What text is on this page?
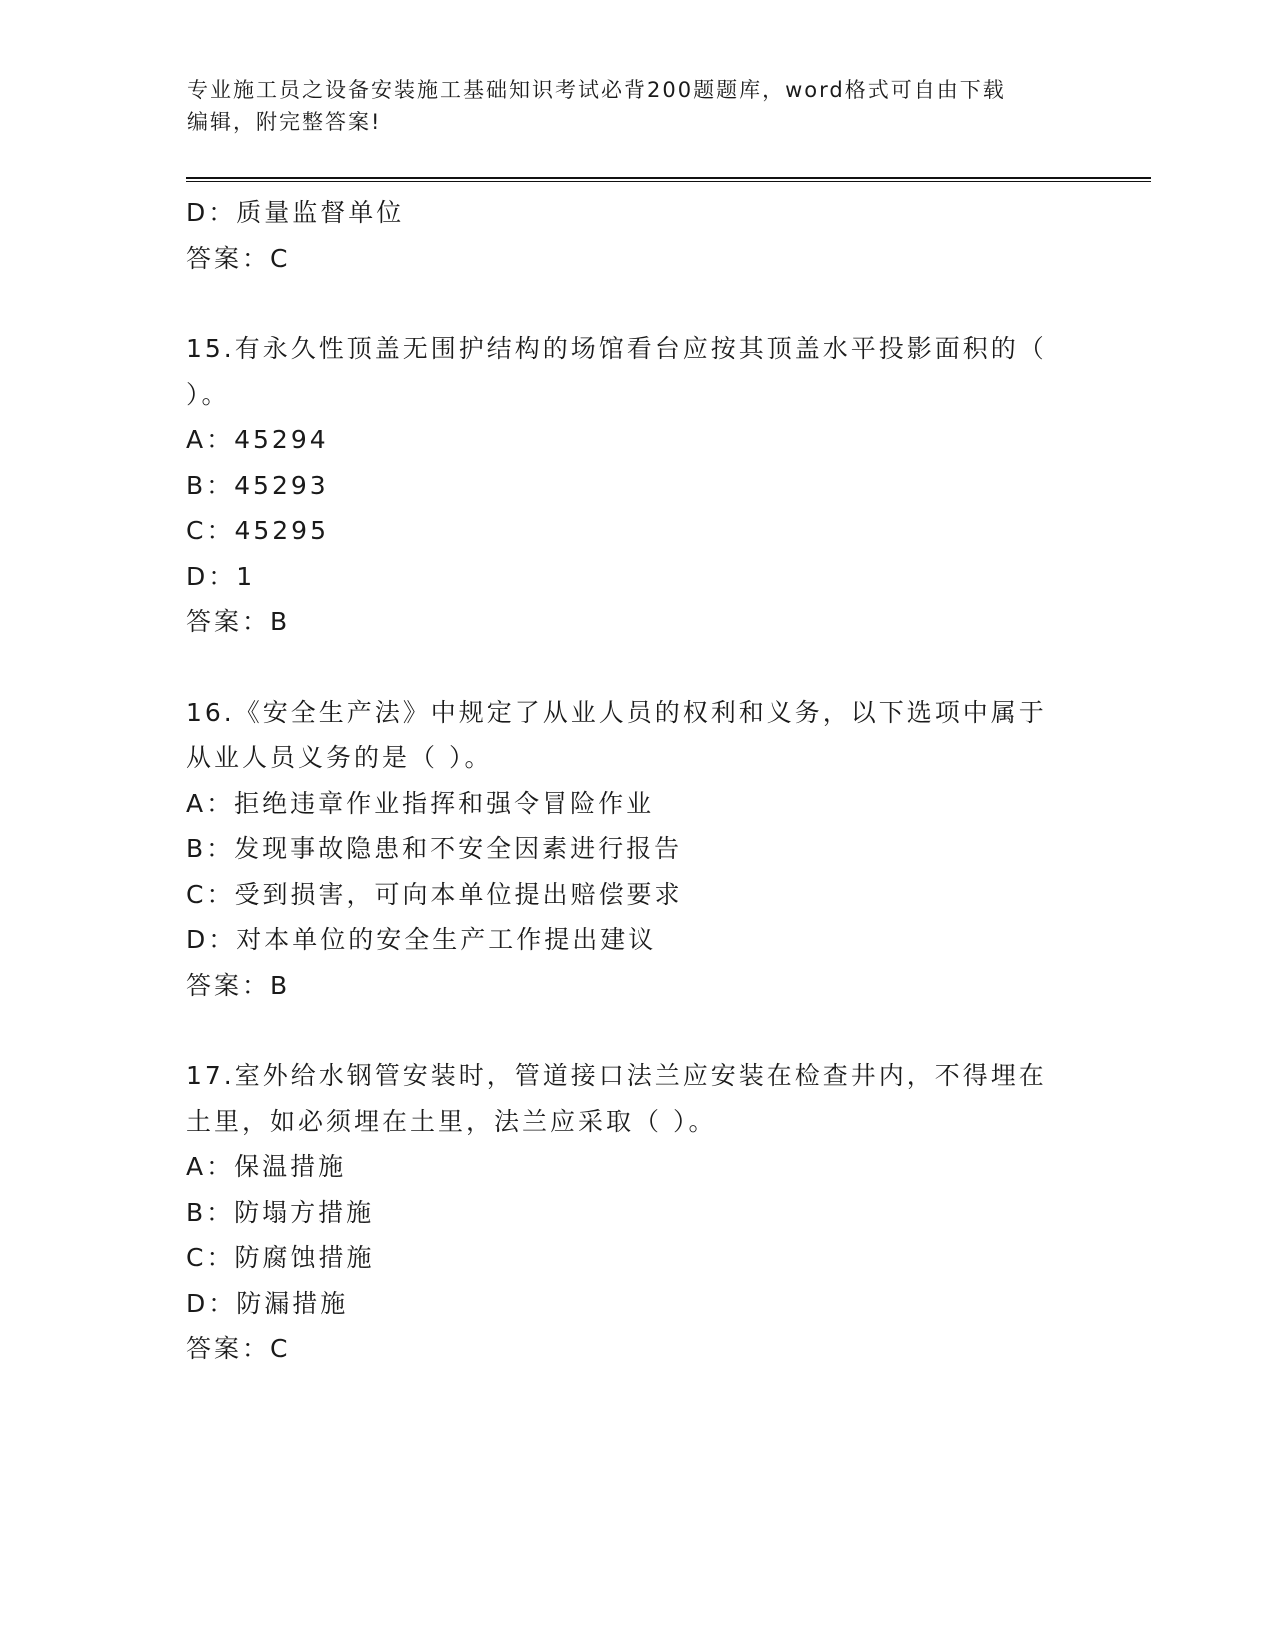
专业施工员之设备安装施工基础知识考试必背200题题库，word格式可自由下载
编辑，附完整答案!
D：质量监督单位
答案：C
15.有永久性顶盖无围护结构的场馆看台应按其顶盖水平投影面积的（
）。
A：45294
B：45293
C：45295
D：1
答案：B
16.《安全生产法》中规定了从业人员的权利和义务，以下选项中属于
从业人员义务的是（ ）。
A：拒绝违章作业指挥和强令冒险作业
B：发现事故隐患和不安全因素进行报告
C：受到损害，可向本单位提出赔偿要求
D：对本单位的安全生产工作提出建议
答案：B
17.室外给水钢管安装时，管道接口法兰应安装在检查井内，不得埋在
土里，如必须埋在土里，法兰应采取（ ）。
A：保温措施
B：防塌方措施
C：防腐蚀措施
D：防漏措施
答案：C
